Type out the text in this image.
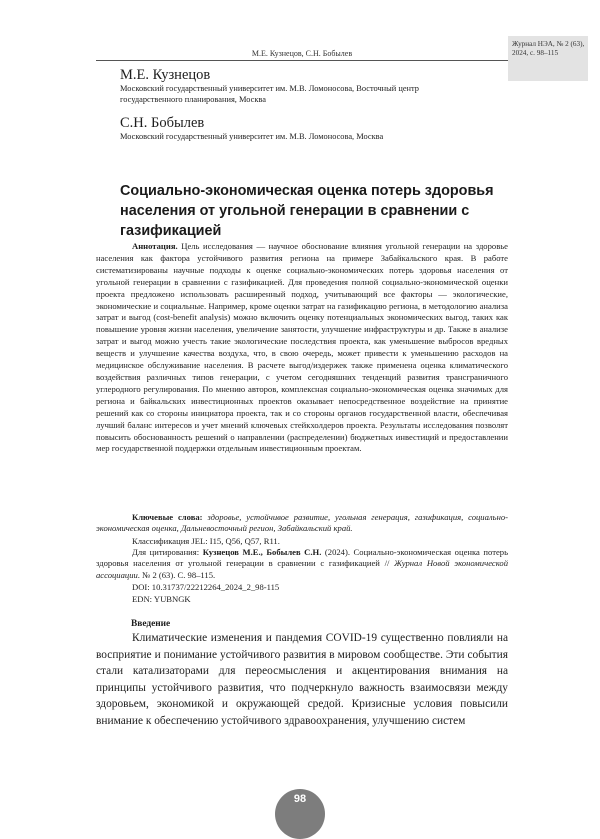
М.Е. Кузнецов, С.Н. Бобылев
Журнал НЭА, № 2 (63), 2024, с. 98–115
М.Е. Кузнецов
Московский государственный университет им. М.В. Ломоносова, Восточный центр государственного планирования, Москва
С.Н. Бобылев
Московский государственный университет им. М.В. Ломоносова, Москва
Социально-экономическая оценка потерь здоровья населения от угольной генерации в сравнении с газификацией

Аннотация. Цель исследования — научное обоснование влияния угольной генерации на здоровье населения как фактора устойчивого развития региона на примере Забайкальского края. В работе систематизированы научные подходы к оценке социально-экономических потерь здоровья населения от угольной генерации в сравнении с газификацией. Для проведения полной социально-экономической оценки проекта предложено использовать расширенный подход, учитывающий все факторы — экологические, экономические и социальные. Например, кроме оценки затрат на газификацию региона, в методологию анализа затрат и выгод (cost-benefit analysis) можно включить оценку потенциальных экономических выгод, таких как повышение уровня жизни населения, увеличение занятости, улучшение инфраструктуры и др. Также в анализе затрат и выгод можно учесть такие экологические последствия проекта, как уменьшение выбросов вредных веществ и улучшение качества воздуха, что, в свою очередь, может привести к уменьшению расходов на медицинское обслуживание населения. В расчете выгод/издержек также применена оценка климатического воздействия различных типов генерации, с учетом сегодняшних тенденций развития трансграничного углеродного регулирования. По мнению авторов, комплексная социально-экономическая оценка значимых для региона и байкальских инвестиционных проектов оказывает непосредственное воздействие на принятие решений как со стороны инициатора проекта, так и со стороны органов государственной власти, обеспечивая лучший баланс интересов и учет мнений ключевых стейкхолдеров проекта. Результаты исследования позволят повысить обоснованность решений о направлении (распределении) бюджетных инвестиций и предоставлении мер государственной поддержки отдельным инвестиционным проектам.

Ключевые слова: здоровье, устойчивое развитие, угольная генерация, газификация, социально-экономическая оценка, Дальневосточный регион, Забайкальский край.

Классификация JEL: I15, Q56, Q57, R11.

Для цитирования: Кузнецов М.Е., Бобылев С.Н. (2024). Социально-экономическая оценка потерь здоровья населения от угольной генерации в сравнении с газификацией // Журнал Новой экономической ассоциации. № 2 (63). С. 98–115.

DOI: 10.31737/22212264_2024_2_98-115

EDN: YUBNGK

Введение

Климатические изменения и пандемия COVID-19 существенно повлияли на восприятие и понимание устойчивого развития в мировом сообществе. Эти события стали катализаторами для переосмысления и акцентирования внимания на принципы устойчивого развития, что подчеркнуло важность взаимосвязи между здоровьем, экономикой и окружающей средой. Кризисные условия повысили внимание к обеспечению устойчивого здравоохранения, улучшению систем

98
